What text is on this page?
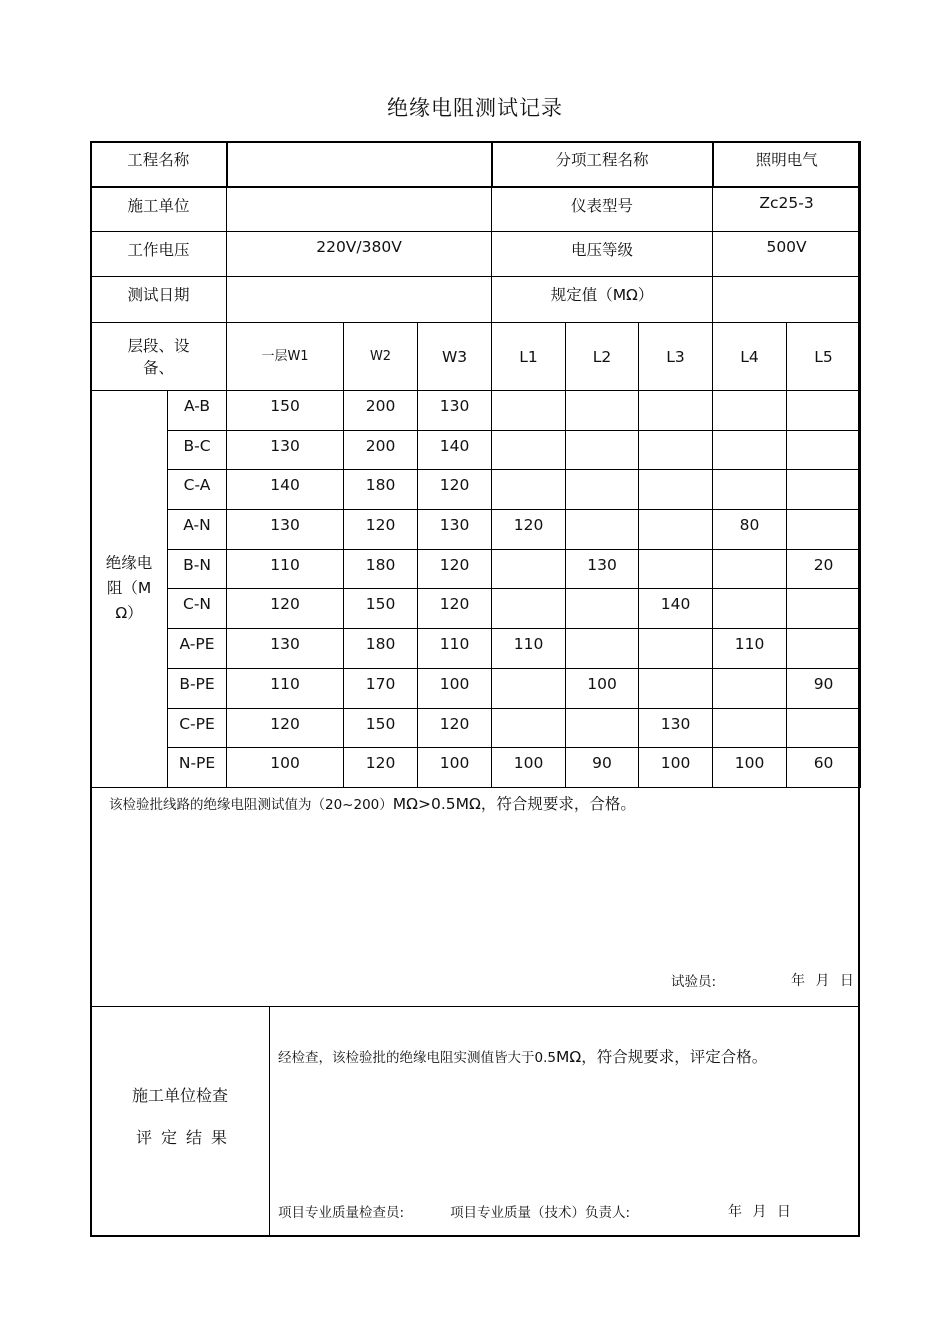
绝缘电阻测试记录
工程名称					分项工程名称			照明电气	
施工单位					仪表型号			Zc25-3	
工作电压		220V/380V			电压等级			500V	
测试日期					规定值（MΩ）				

层段、设备、		一层W1	W2	W3	L1	L2	L3	L4	L5

绝缘电阻（MΩ）	A-B	150	200	130					
	B-C	130	200	140					
	C-A	140	180	120					
	A-N	130	120	130	120			80	
	B-N	110	180	120		130			20
	C-N	120	150	120			140		
	A-PE	130	180	110	110			110	
	B-PE	110	170	100		100			90
	C-PE	120	150	120			130		
	N-PE	100	120	100	100	90	100	100	60
该检验批线路的绝缘电阻测试值为（20~200）MΩ>0.5MΩ，符合规要求，合格。
试验员:	年 月 日
施工单位检查
评定结果
经检查，该检验批的绝缘电阻实测值皆大于0.5MΩ，符合规要求，评定合格。
项目专业质量检查员:	项目专业质量（技术）负责人:	年 月 日
